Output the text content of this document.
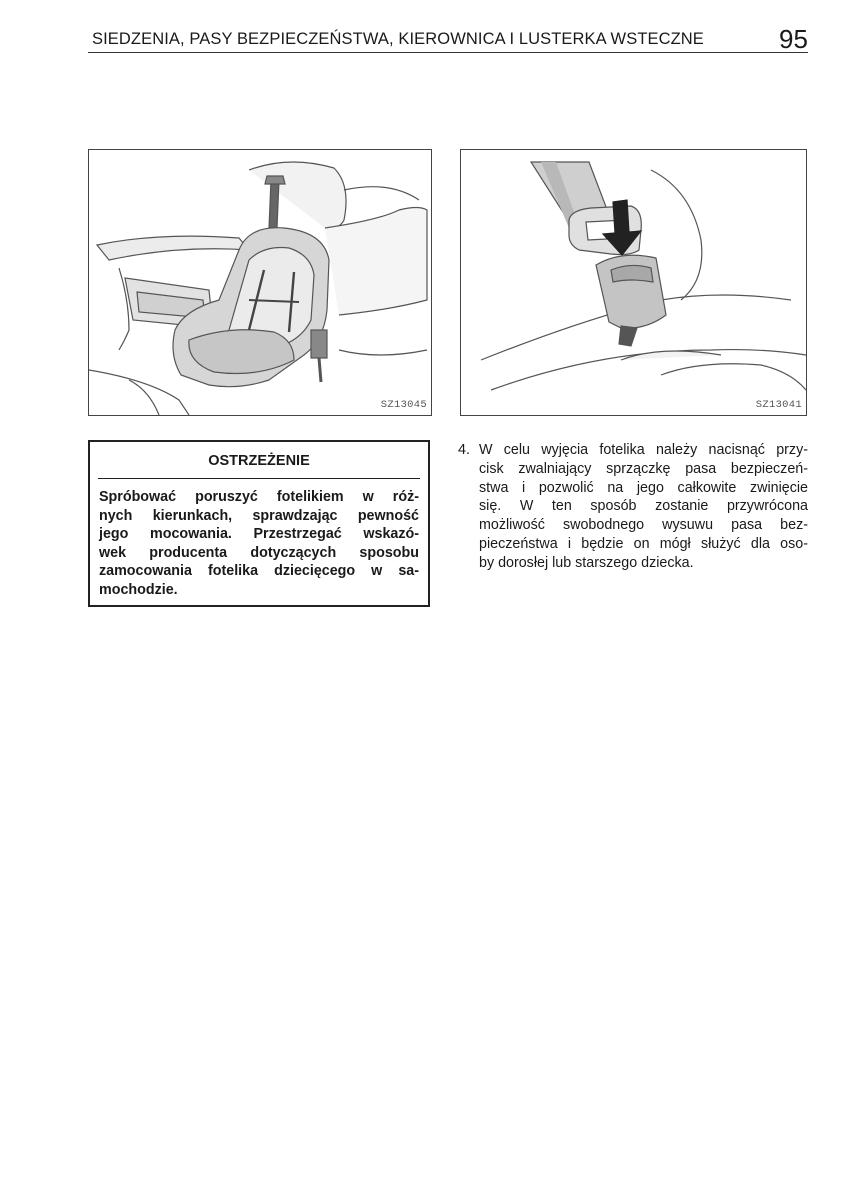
SIEDZENIA, PASY BEZPIECZEŃSTWA, KIEROWNICA I LUSTERKA WSTECZNE	95
SZ13045	SZ13041
OSTRZEŻENIE
Spróbować poruszyć fotelikiem w róż-
nych kierunkach, sprawdzając pewność
jego mocowania. Przestrzegać wskazó-
wek producenta dotyczących sposobu
zamocowania fotelika dziecięcego w sa-
mochodzie.
4. W celu wyjęcia fotelika należy nacisnąć przy-
cisk zwalniający sprzączkę pasa bezpieczeń-
stwa i pozwolić na jego całkowite zwinięcie
się. W ten sposób zostanie przywrócona
możliwość swobodnego wysuwu pasa bez-
pieczeństwa i będzie on mógł służyć dla oso-
by dorosłej lub starszego dziecka.
